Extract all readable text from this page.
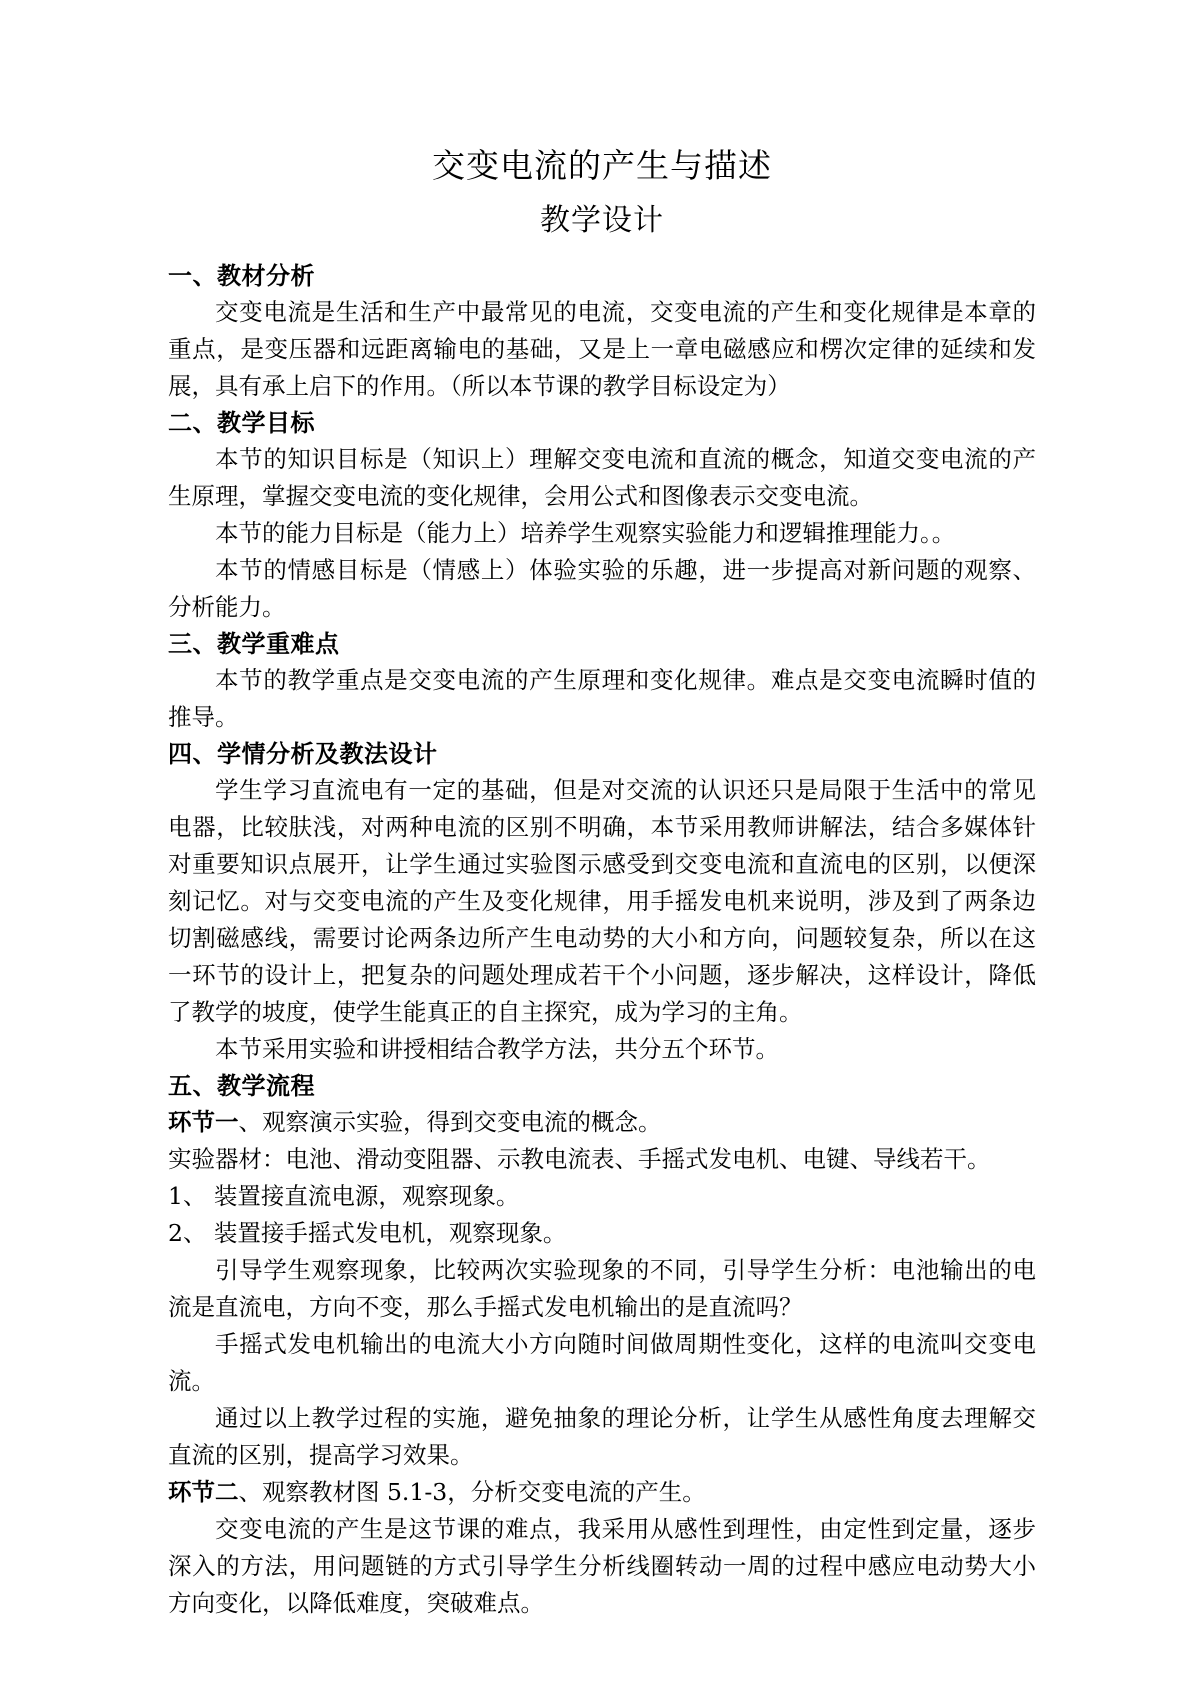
交变电流的产生与描述
教学设计
一、教材分析

交变电流是生活和生产中最常见的电流，交变电流的产生和变化规律是本章的重点，是变压器和远距离输电的基础，又是上一章电磁感应和楞次定律的延续和发展，具有承上启下的作用。（所以本节课的教学目标设定为）

二、教学目标

本节的知识目标是（知识上）理解交变电流和直流的概念，知道交变电流的产生原理，掌握交变电流的变化规律，会用公式和图像表示交变电流。

本节的能力目标是（能力上）培养学生观察实验能力和逻辑推理能力。。

本节的情感目标是（情感上）体验实验的乐趣，进一步提高对新问题的观察、分析能力。

三、教学重难点

本节的教学重点是交变电流的产生原理和变化规律。难点是交变电流瞬时值的推导。

四、学情分析及教法设计

学生学习直流电有一定的基础，但是对交流的认识还只是局限于生活中的常见电器，比较肤浅，对两种电流的区别不明确，本节采用教师讲解法，结合多媒体针对重要知识点展开，让学生通过实验图示感受到交变电流和直流电的区别，以便深刻记忆。对与交变电流的产生及变化规律，用手摇发电机来说明，涉及到了两条边切割磁感线，需要讨论两条边所产生电动势的大小和方向，问题较复杂，所以在这一环节的设计上，把复杂的问题处理成若干个小问题，逐步解决，这样设计，降低了教学的坡度，使学生能真正的自主探究，成为学习的主角。

本节采用实验和讲授相结合教学方法，共分五个环节。

五、教学流程

环节一、观察演示实验，得到交变电流的概念。

实验器材：电池、滑动变阻器、示教电流表、手摇式发电机、电键、导线若干。

1、 装置接直流电源，观察现象。

2、 装置接手摇式发电机，观察现象。

引导学生观察现象，比较两次实验现象的不同，引导学生分析：电池输出的电流是直流电，方向不变，那么手摇式发电机输出的是直流吗？

手摇式发电机输出的电流大小方向随时间做周期性变化，这样的电流叫交变电流。

通过以上教学过程的实施，避免抽象的理论分析，让学生从感性角度去理解交直流的区别，提高学习效果。

环节二、观察教材图 5.1-3，分析交变电流的产生。

交变电流的产生是这节课的难点，我采用从感性到理性，由定性到定量，逐步深入的方法，用问题链的方式引导学生分析线圈转动一周的过程中感应电动势大小方向变化，以降低难度，突破难点。
